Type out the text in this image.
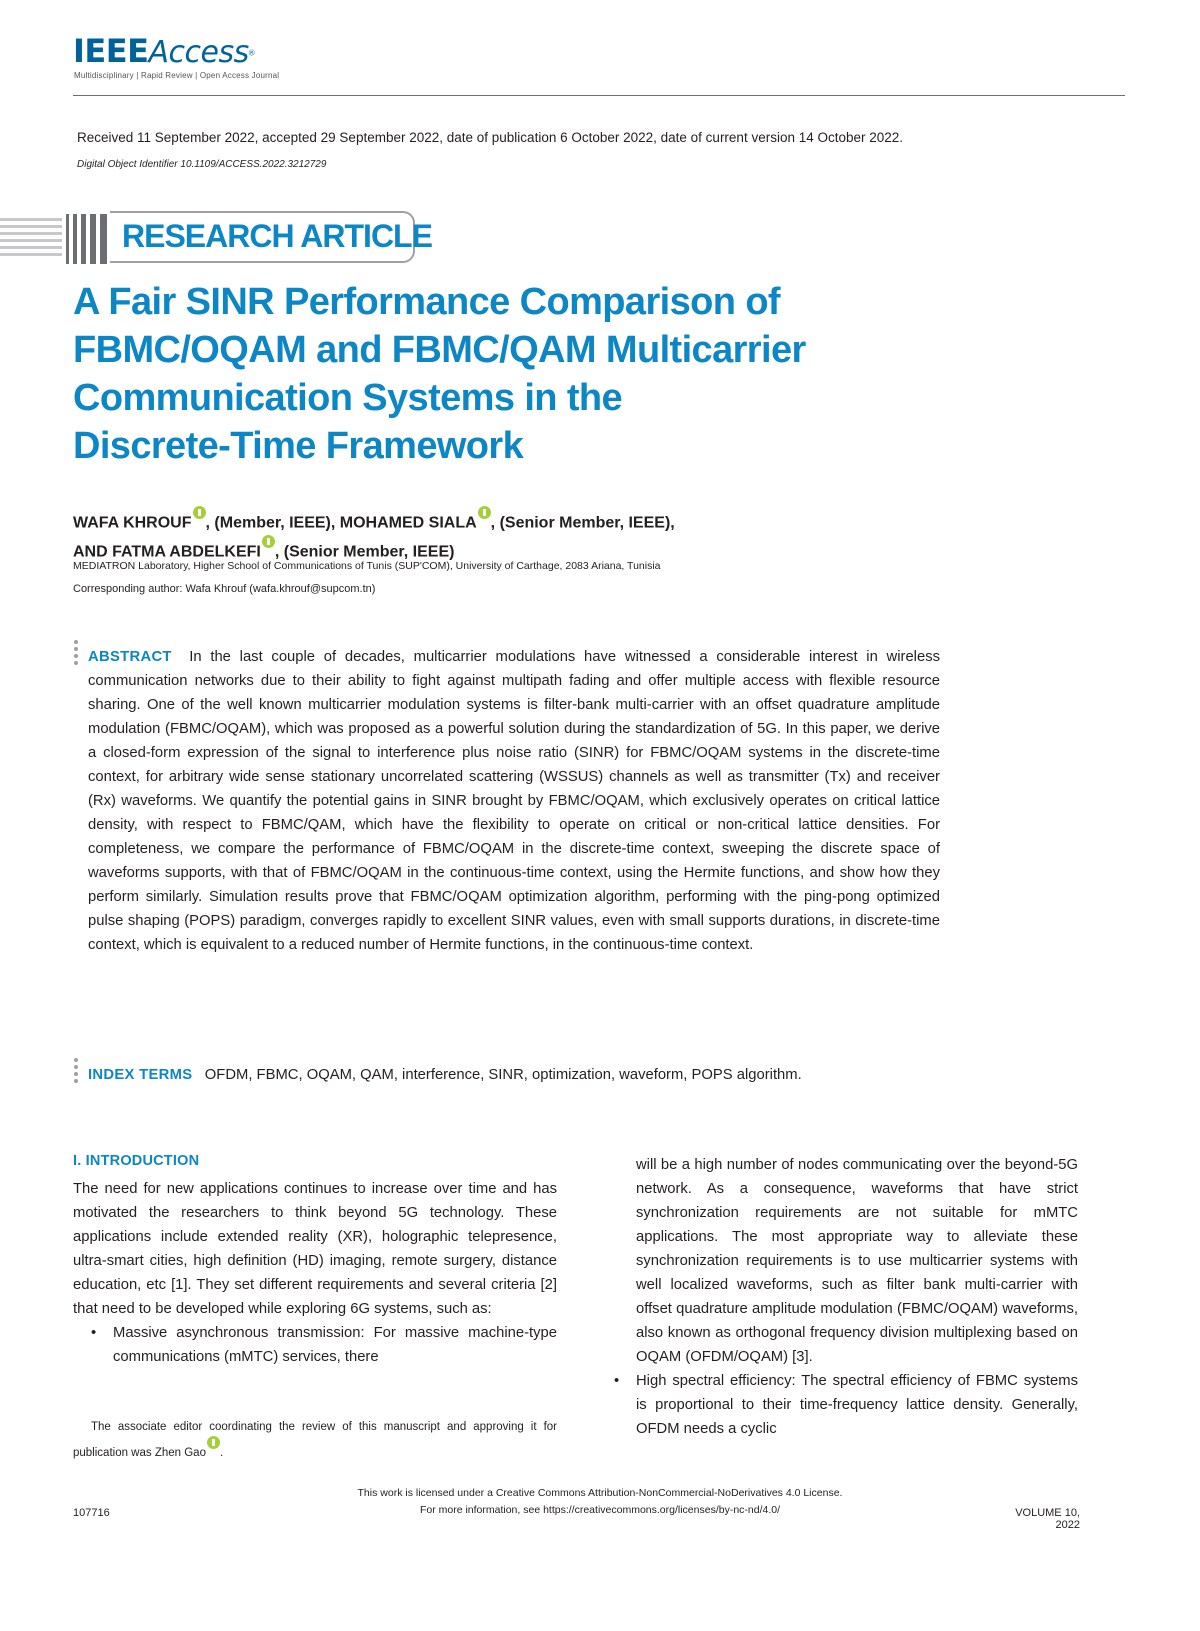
IEEEAccess®
Multidisciplinary | Rapid Review | Open Access Journal
Received 11 September 2022, accepted 29 September 2022, date of publication 6 October 2022, date of current version 14 October 2022.
Digital Object Identifier 10.1109/ACCESS.2022.3212729
RESEARCH ARTICLE
A Fair SINR Performance Comparison of
FBMC/OQAM and FBMC/QAM Multicarrier
Communication Systems in the
Discrete-Time Framework
WAFA KHROUF , (Member, IEEE), MOHAMED SIALA , (Senior Member, IEEE),
AND FATMA ABDELKEFI , (Senior Member, IEEE)
MEDIATRON Laboratory, Higher School of Communications of Tunis (SUP'COM), University of Carthage, 2083 Ariana, Tunisia
Corresponding author: Wafa Khrouf (wafa.khrouf@supcom.tn)
ABSTRACT In the last couple of decades, multicarrier modulations have witnessed a considerable interest in wireless communication networks due to their ability to fight against multipath fading and offer multiple access with flexible resource sharing. One of the well known multicarrier modulation systems is filter-bank multi-carrier with an offset quadrature amplitude modulation (FBMC/OQAM), which was proposed as a powerful solution during the standardization of 5G. In this paper, we derive a closed-form expression of the signal to interference plus noise ratio (SINR) for FBMC/OQAM systems in the discrete-time context, for arbitrary wide sense stationary uncorrelated scattering (WSSUS) channels as well as transmitter (Tx) and receiver (Rx) waveforms. We quantify the potential gains in SINR brought by FBMC/OQAM, which exclusively operates on critical lattice density, with respect to FBMC/QAM, which have the flexibility to operate on critical or non-critical lattice densities. For completeness, we compare the performance of FBMC/OQAM in the discrete-time context, sweeping the discrete space of waveforms supports, with that of FBMC/OQAM in the continuous-time context, using the Hermite functions, and show how they perform similarly. Simulation results prove that FBMC/OQAM optimization algorithm, performing with the ping-pong optimized pulse shaping (POPS) paradigm, converges rapidly to excellent SINR values, even with small supports durations, in discrete-time context, which is equivalent to a reduced number of Hermite functions, in the continuous-time context.
INDEX TERMS OFDM, FBMC, OQAM, QAM, interference, SINR, optimization, waveform, POPS algorithm.
I. INTRODUCTION

The need for new applications continues to increase over time and has motivated the researchers to think beyond 5G technology. These applications include extended reality (XR), holographic telepresence, ultra-smart cities, high definition (HD) imaging, remote surgery, distance education, etc [1]. They set different requirements and several criteria [2] that need to be developed while exploring 6G systems, such as:

• Massive asynchronous transmission: For massive machine-type communications (mMTC) services, there

will be a high number of nodes communicating over the beyond-5G network. As a consequence, waveforms that have strict synchronization requirements are not suitable for mMTC applications. The most appropriate way to alleviate these synchronization requirements is to use multicarrier systems with well localized waveforms, such as filter bank multi-carrier with offset quadrature amplitude modulation (FBMC/OQAM) waveforms, also known as orthogonal frequency division multiplexing based on OQAM (OFDM/OQAM) [3].

• High spectral efficiency: The spectral efficiency of FBMC systems is proportional to their time-frequency lattice density. Generally, OFDM needs a cyclic

The associate editor coordinating the review of this manuscript and approving it for publication was Zhen Gao .
This work is licensed under a Creative Commons Attribution-NonCommercial-NoDerivatives 4.0 License.
For more information, see https://creativecommons.org/licenses/by-nc-nd/4.0/
107716	VOLUME 10, 2022
